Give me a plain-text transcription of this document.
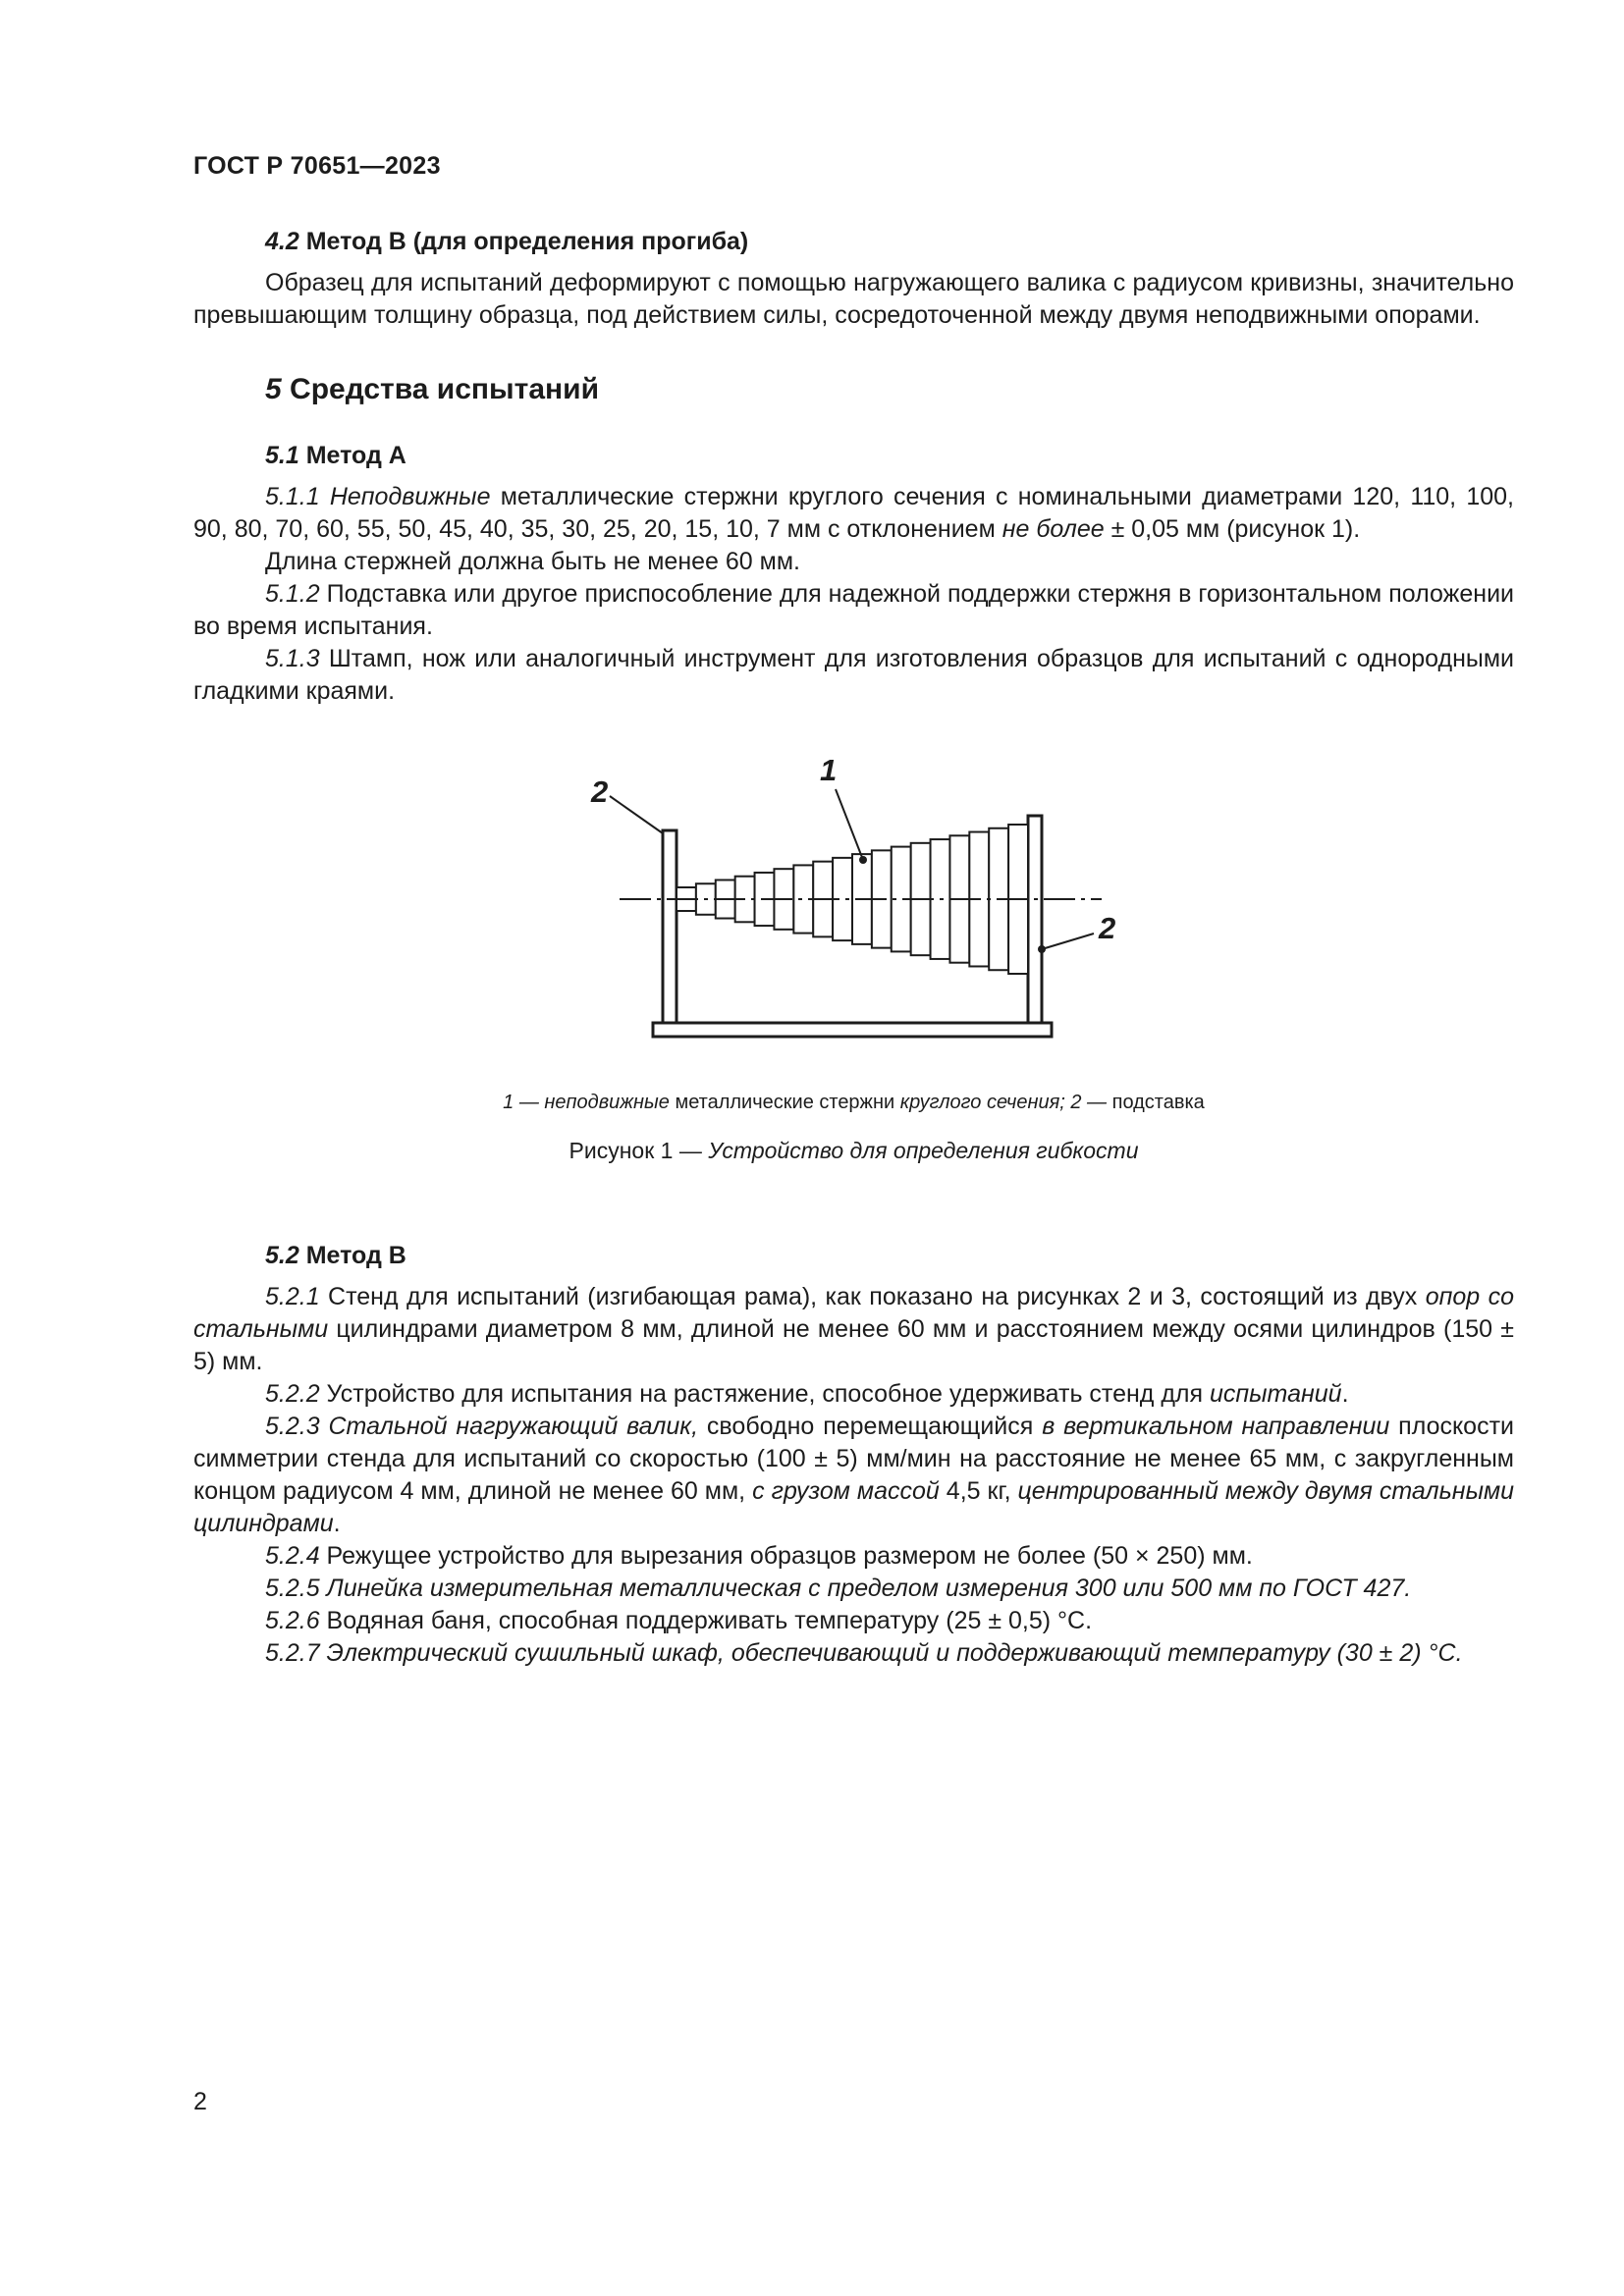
ГОСТ Р 70651—2023

4.2 Метод В (для определения прогиба)

Образец для испытаний деформируют с помощью нагружающего валика с радиусом кривизны, значительно превышающим толщину образца, под действием силы, сосредоточенной между двумя неподвижными опорами.

5 Средства испытаний

5.1 Метод А

5.1.1 Неподвижные металлические стержни круглого сечения с номинальными диаметрами 120, 110, 100, 90, 80, 70, 60, 55, 50, 45, 40, 35, 30, 25, 20, 15, 10, 7 мм с отклонением не более ± 0,05 мм (рисунок 1).

Длина стержней должна быть не менее 60 мм.

5.1.2 Подставка или другое приспособление для надежной поддержки стержня в горизонтальном положении во время испытания.

5.1.3 Штамп, нож или аналогичный инструмент для изготовления образцов для испытаний с однородными гладкими краями.

1
2
2

1 — неподвижные металлические стержни круглого сечения; 2 — подставка

Рисунок 1 — Устройство для определения гибкости

5.2 Метод В

5.2.1 Стенд для испытаний (изгибающая рама), как показано на рисунках 2 и 3, состоящий из двух опор со стальными цилиндрами диаметром 8 мм, длиной не менее 60 мм и расстоянием между осями цилиндров (150 ± 5) мм.

5.2.2 Устройство для испытания на растяжение, способное удерживать стенд для испытаний.

5.2.3 Стальной нагружающий валик, свободно перемещающийся в вертикальном направлении плоскости симметрии стенда для испытаний со скоростью (100 ± 5) мм/мин на расстояние не менее 65 мм, с закругленным концом радиусом 4 мм, длиной не менее 60 мм, с грузом массой 4,5 кг, центрированный между двумя стальными цилиндрами.

5.2.4 Режущее устройство для вырезания образцов размером не более (50 × 250) мм.

5.2.5 Линейка измерительная металлическая с пределом измерения 300 или 500 мм по ГОСТ 427.

5.2.6 Водяная баня, способная поддерживать температуру (25 ± 0,5) °С.

5.2.7 Электрический сушильный шкаф, обеспечивающий и поддерживающий температуру (30 ± 2) °С.

2
